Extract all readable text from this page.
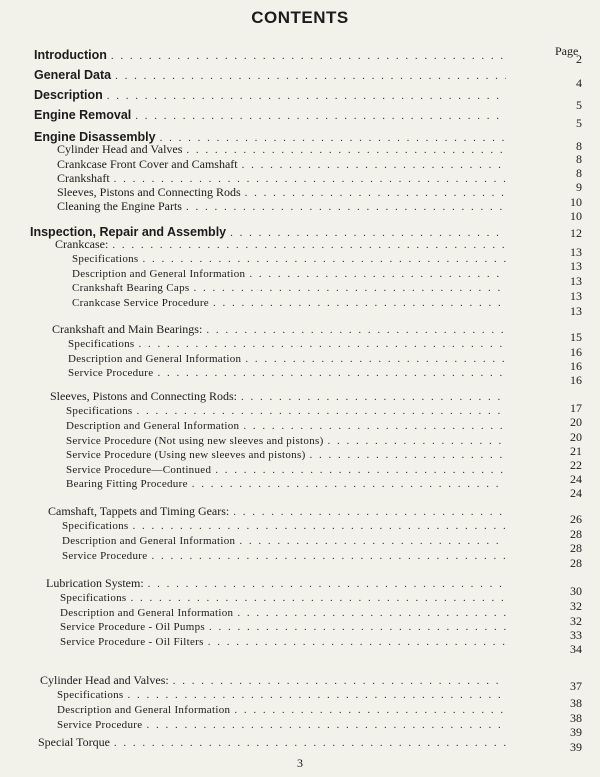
CONTENTS
Page
Introduction
. . .
General Data
. . .
Description
. . .
Engine Removal
. . .
Engine Disassembly
. . .
Cylinder Head and Valves
. . .
Crankcase Front Cover and Camshaft
. . .
Crankshaft
. . .
Sleeves, Pistons and Connecting Rods
. . .
Cleaning the Engine Parts
. . .
Inspection, Repair and Assembly
. . .
Crankcase:
. . .
Specifications
. . .
Description and General Information
. . .
Crankshaft Bearing Caps
. . .
Crankcase Service Procedure
. . .
Crankshaft and Main Bearings:
. . .
Specifications
. . .
Description and General Information
. . .
Service Procedure
. . .
Sleeves, Pistons and Connecting Rods:
. . .
Specifications
. . .
Description and General Information
. . .
Service Procedure (Not using new sleeves and pistons)
. . .
Service Procedure (Using new sleeves and pistons)
. . .
Service Procedure—Continued
. . .
Bearing Fitting Procedure
. . .
Camshaft, Tappets and Timing Gears:
. . .
Specifications
. . .
Description and General Information
. . .
Service Procedure
. . .
Lubrication System:
. . .
Specifications
. . .
Description and General Information
. . .
Service Procedure - Oil Pumps
. . .
Service Procedure - Oil Filters
. . .
Cylinder Head and Valves:
. . .
Specifications
. . .
Description and General Information
. . .
Service Procedure
. . .
Special Torque
. . .
2
4
5
5
8
8
8
9
10
10
12
13
13
13
13
13
15
16
16
16
17
20
20
21
22
24
24
26
28
28
28
30
32
32
33
34
37
38
38
39
39
3
